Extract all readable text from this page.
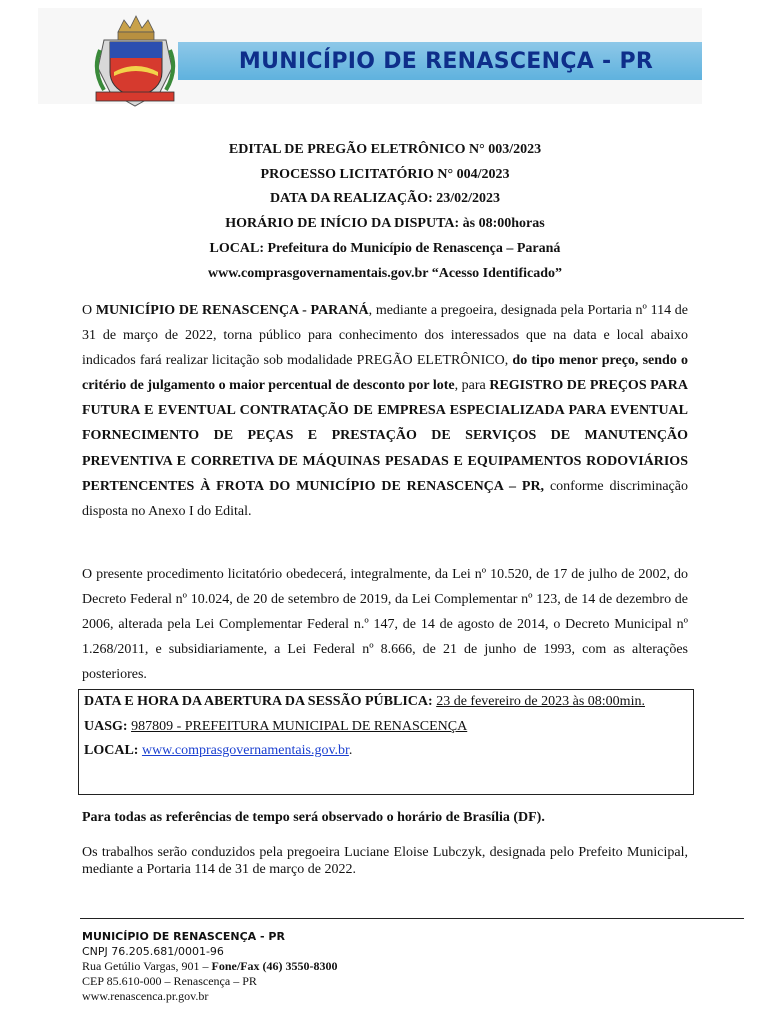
MUNICÍPIO DE RENASCENÇA - PR
EDITAL DE PREGÃO ELETRÔNICO N° 003/2023
PROCESSO LICITATÓRIO N° 004/2023
DATA DA REALIZAÇÃO: 23/02/2023
HORÁRIO DE INÍCIO DA DISPUTA: às 08:00horas
LOCAL: Prefeitura do Município de Renascença – Paraná
www.comprasgovernamentais.gov.br “Acesso Identificado”
O MUNICÍPIO DE RENASCENÇA - PARANÁ, mediante a pregoeira, designada pela Portaria nº 114 de 31 de março de 2022, torna público para conhecimento dos interessados que na data e local abaixo indicados fará realizar licitação sob modalidade PREGÃO ELETRÔNICO, do tipo menor preço, sendo o critério de julgamento o maior percentual de desconto por lote, para REGISTRO DE PREÇOS PARA FUTURA E EVENTUAL CONTRATAÇÃO DE EMPRESA ESPECIALIZADA PARA EVENTUAL FORNECIMENTO DE PEÇAS E PRESTAÇÃO DE SERVIÇOS DE MANUTENÇÃO PREVENTIVA E CORRETIVA DE MÁQUINAS PESADAS E EQUIPAMENTOS RODOVIÁRIOS PERTENCENTES À FROTA DO MUNICÍPIO DE RENASCENÇA – PR, conforme discriminação disposta no Anexo I do Edital.
O presente procedimento licitatório obedecerá, integralmente, da Lei nº 10.520, de 17 de julho de 2002, do Decreto Federal nº 10.024, de 20 de setembro de 2019, da Lei Complementar nº 123, de 14 de dezembro de 2006, alterada pela Lei Complementar Federal n.º 147, de 14 de agosto de 2014, o Decreto Municipal nº 1.268/2011, e subsidiariamente, a Lei Federal nº 8.666, de 21 de junho de 1993, com as alterações posteriores.
DATA E HORA DA ABERTURA DA SESSÃO PÚBLICA: 23 de fevereiro de 2023 às 08:00min.
UASG: 987809 - PREFEITURA MUNICIPAL DE RENASCENÇA
LOCAL: www.comprasgovernamentais.gov.br.
Para todas as referências de tempo será observado o horário de Brasília (DF).
Os trabalhos serão conduzidos pela pregoeira Luciane Eloise Lubczyk, designada pelo Prefeito Municipal, mediante a Portaria 114 de 31 de março de 2022.
MUNICÍPIO DE RENASCENÇA - PR
CNPJ 76.205.681/0001-96
Rua Getúlio Vargas, 901 – Fone/Fax (46) 3550-8300
CEP 85.610-000 – Renascença – PR
www.renascenca.pr.gov.br
